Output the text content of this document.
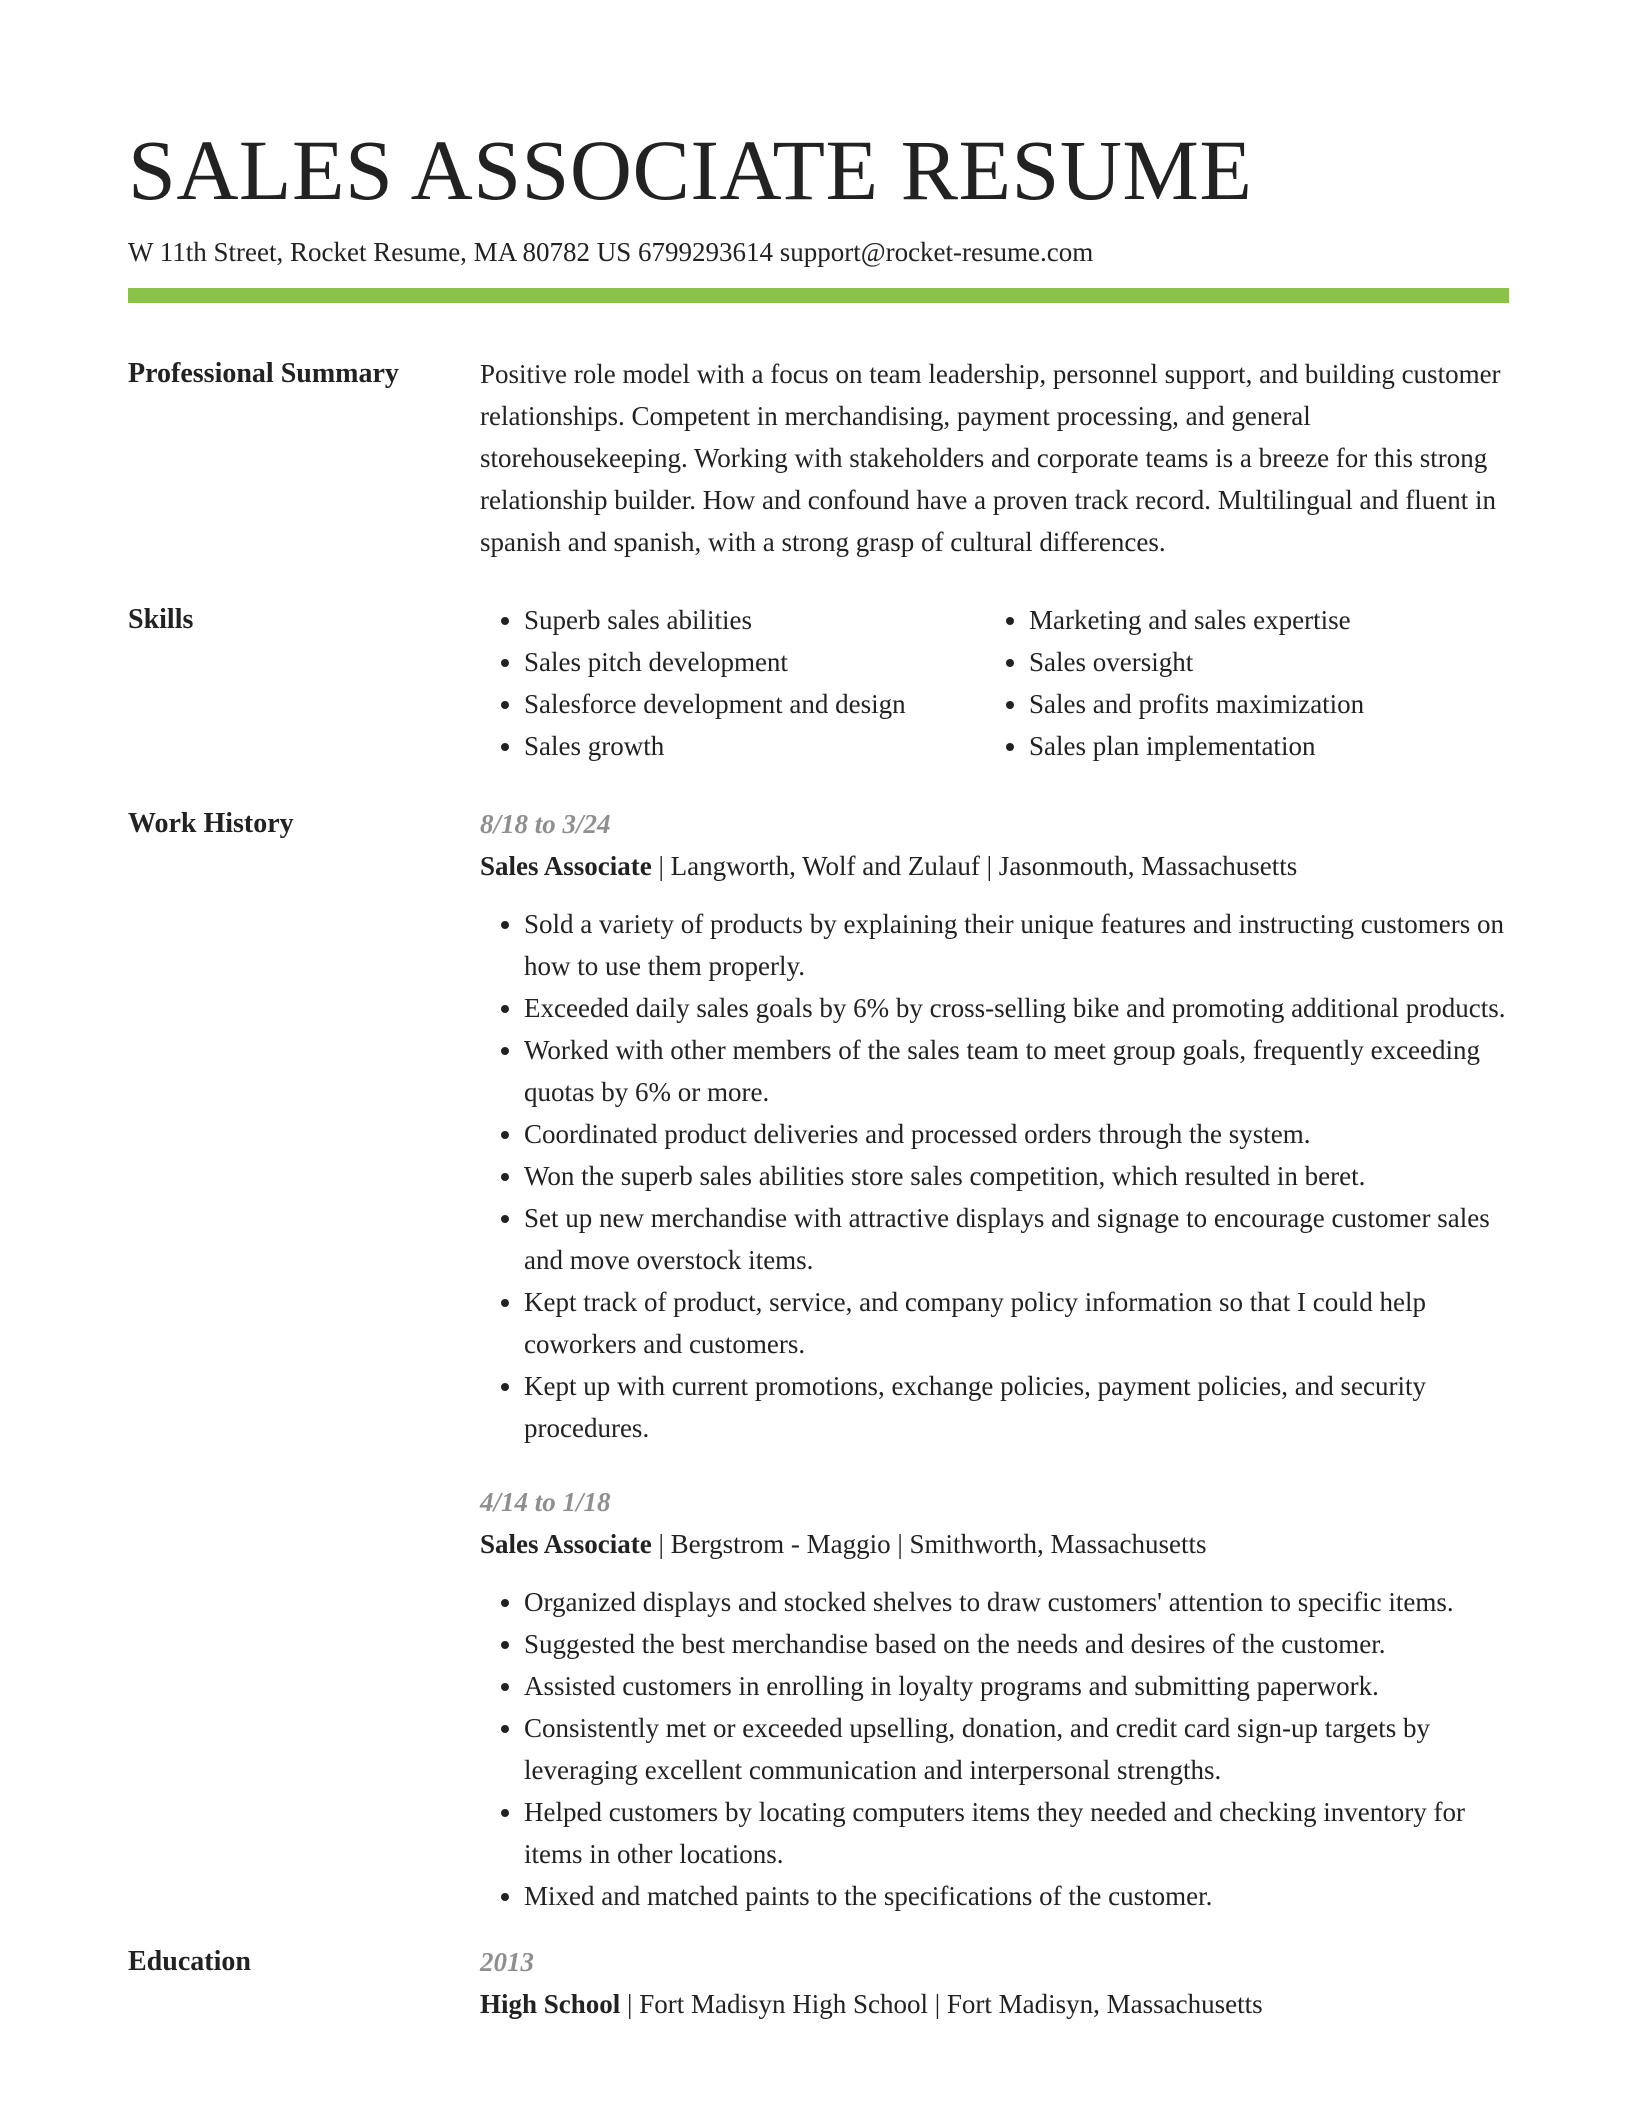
SALES ASSOCIATE RESUME
W 11th Street, Rocket Resume, MA 80782 US 6799293614 support@rocket-resume.com
Professional Summary	Positive role model with a focus on team leadership, personnel support, and building customer relationships. Competent in merchandising, payment processing, and general storehousekeeping. Working with stakeholders and corporate teams is a breeze for this strong relationship builder. How and confound have a proven track record. Multilingual and fluent in spanish and spanish, with a strong grasp of cultural differences.

Skills
•	Superb sales abilities
• Sales pitch development
• Salesforce development and design
• Sales growth
• Marketing and sales expertise
• Sales oversight
• Sales and profits maximization
• Sales plan implementation
Work History	8/18 to 3/24
Sales Associate | Langworth, Wolf and Zulauf | Jasonmouth, Massachusetts
• Sold a variety of products by explaining their unique features and instructing customers on how to use them properly.
• Exceeded daily sales goals by 6% by cross-selling bike and promoting additional products.
• Worked with other members of the sales team to meet group goals, frequently exceeding quotas by 6% or more.
• Coordinated product deliveries and processed orders through the system.
• Won the superb sales abilities store sales competition, which resulted in beret.
• Set up new merchandise with attractive displays and signage to encourage customer sales and move overstock items.
• Kept track of product, service, and company policy information so that I could help coworkers and customers.
• Kept up with current promotions, exchange policies, payment policies, and security procedures.
4/14 to 1/18
Sales Associate | Bergstrom - Maggio | Smithworth, Massachusetts
• Organized displays and stocked shelves to draw customers' attention to specific items.
• Suggested the best merchandise based on the needs and desires of the customer.
• Assisted customers in enrolling in loyalty programs and submitting paperwork.
• Consistently met or exceeded upselling, donation, and credit card sign-up targets by leveraging excellent communication and interpersonal strengths.
• Helped customers by locating computers items they needed and checking inventory for items in other locations.
• Mixed and matched paints to the specifications of the customer.
Education	2013
High School | Fort Madisyn High School | Fort Madisyn, Massachusetts
